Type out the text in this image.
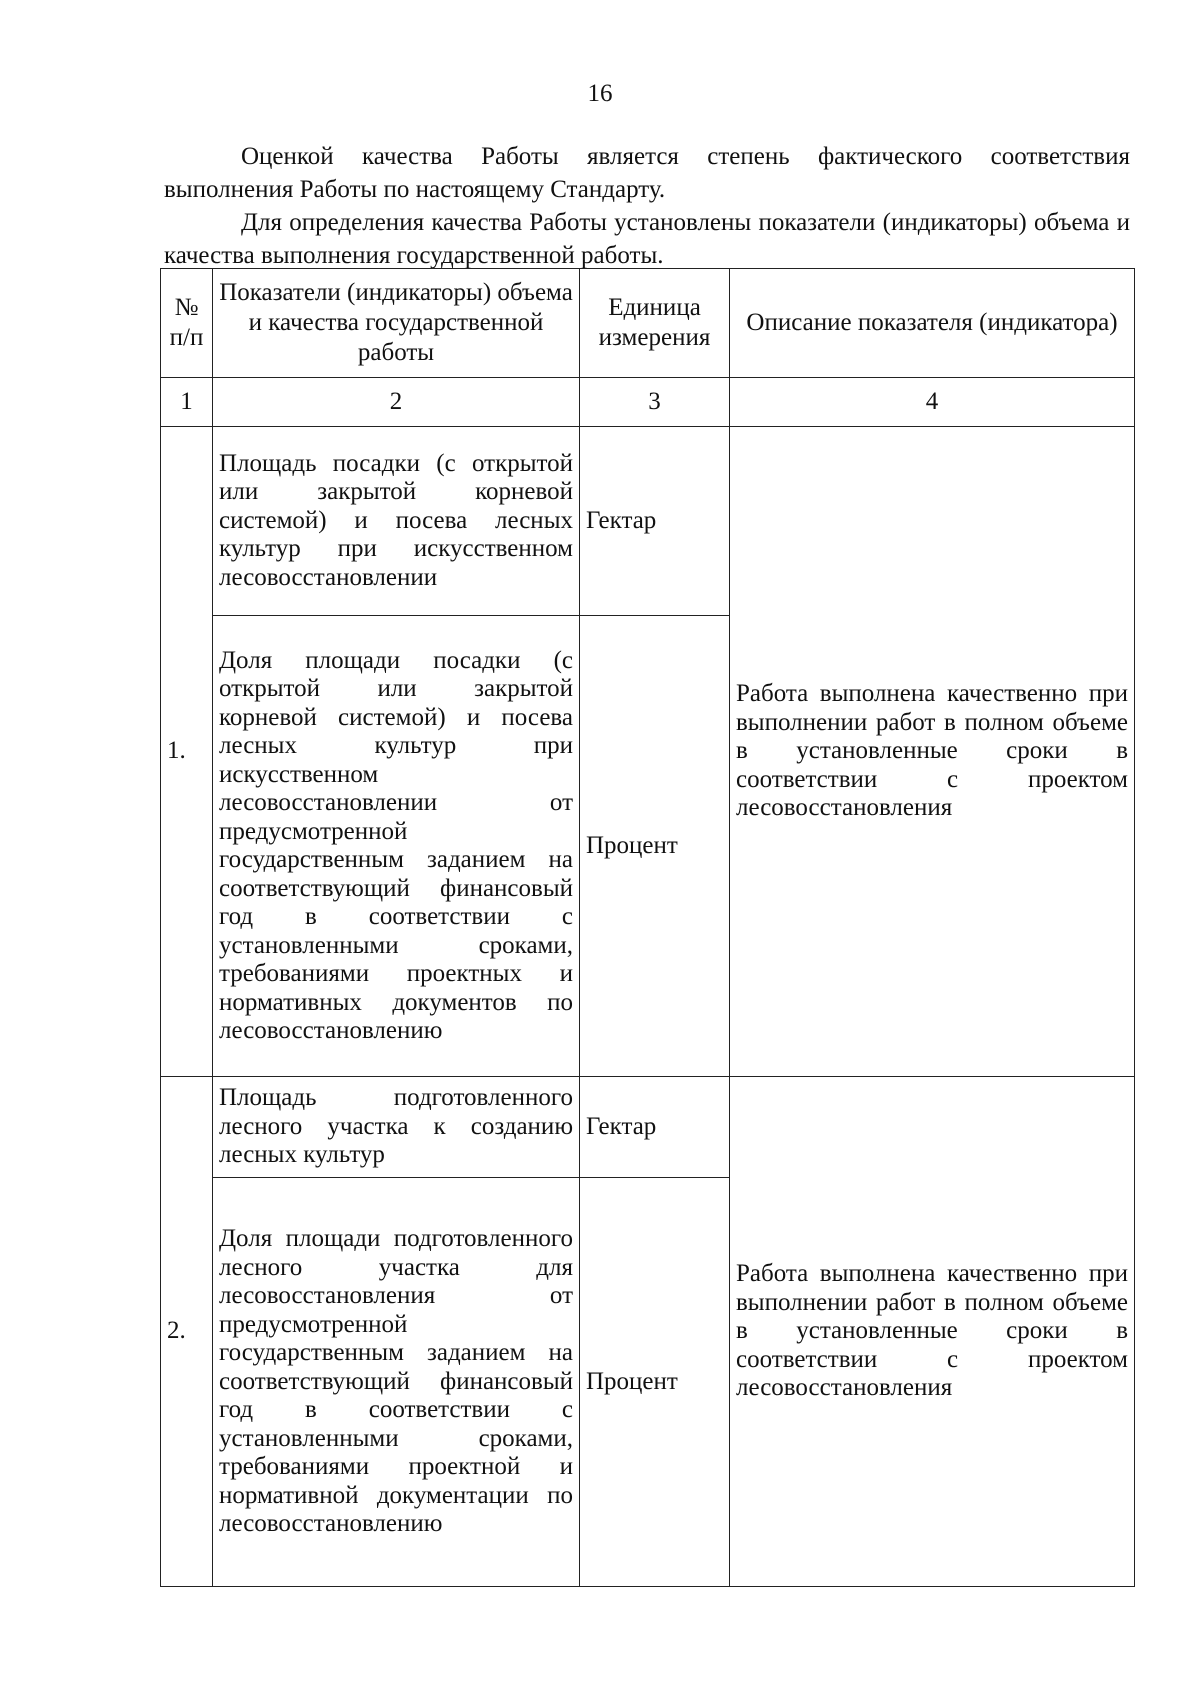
16

Оценкой качества Работы является степень фактического соответствия выполнения Работы по настоящему Стандарту.

Для определения качества Работы установлены показатели (индикаторы) объема и качества выполнения государственной работы.

№ п/п	Показатели (индикаторы) объема и качества государственной работы	Единица измерения	Описание показателя (индикатора)
1	2	3	4
1.	Площадь посадки (с открытой или закрытой корневой системой) и посева лесных культур при искусственном лесовосстановлении	Гектар	Работа выполнена качественно при выполнении работ в полном объеме в установленные сроки в соответствии с проектом лесовосстановления

	Доля площади посадки (с открытой или закрытой корневой системой) и посева лесных культур при искусственном лесовосстановлении от предусмотренной государственным заданием на соответствующий финансовый год в соответствии с установленными сроками, требованиями проектных и нормативных документов по лесовосстановлению	Процент	
2.	Площадь подготовленного лесного участка к созданию лесных культур	Гектар	Работа выполнена качественно при выполнении работ в полном объеме в установленные сроки в соответствии с проектом лесовосстановления

	Доля площади подготовленного лесного участка для лесовосстановления от предусмотренной государственным заданием на соответствующий финансовый год в соответствии с установленными сроками, требованиями проектной и нормативной документации по лесовосстановлению	Процент	
